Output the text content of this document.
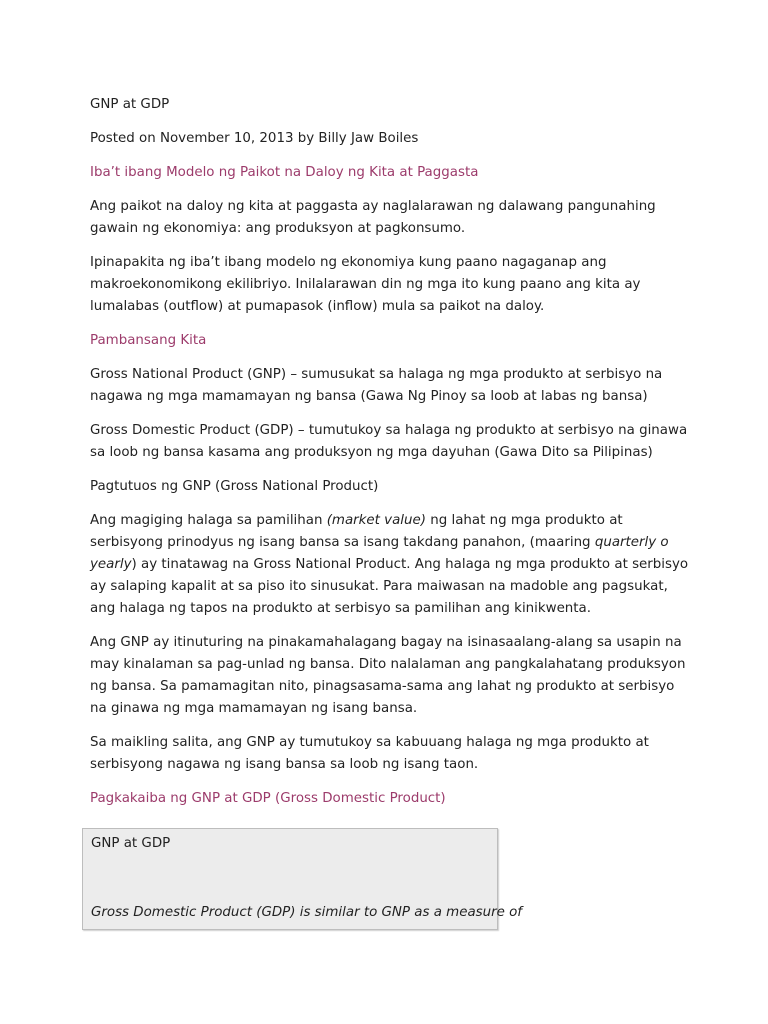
GNP at GDP

Posted on November 10, 2013 by Billy Jaw Boiles

Iba’t ibang Modelo ng Paikot na Daloy ng Kita at Paggasta

Ang paikot na daloy ng kita at paggasta ay naglalarawan ng dalawang pangunahing gawain ng ekonomiya: ang produksyon at pagkonsumo.

Ipinapakita ng iba’t ibang modelo ng ekonomiya kung paano nagaganap ang makroekonomikong ekilibriyo. Inilalarawan din ng mga ito kung paano ang kita ay lumalabas (outflow) at pumapasok (inflow) mula sa paikot na daloy.

Pambansang Kita

Gross National Product (GNP) – sumusukat sa halaga ng mga produkto at serbisyo na nagawa ng mga mamamayan ng bansa (Gawa Ng Pinoy sa loob at labas ng bansa)

Gross Domestic Product (GDP) – tumutukoy sa halaga ng produkto at serbisyo na ginawa sa loob ng bansa kasama ang produksyon ng mga dayuhan (Gawa Dito sa Pilipinas)

Pagtutuos ng GNP (Gross National Product)

Ang magiging halaga sa pamilihan (market value) ng lahat ng mga produkto at serbisyong prinodyus ng isang bansa sa isang takdang panahon, (maaring quarterly o yearly) ay tinatawag na Gross National Product. Ang halaga ng mga produkto at serbisyo ay salaping kapalit at sa piso ito sinusukat. Para maiwasan na madoble ang pagsukat, ang halaga ng tapos na produkto at serbisyo sa pamilihan ang kinikwenta.

Ang GNP ay itinuturing na pinakamahalagang bagay na isinasaalang-alang sa usapin na may kinalaman sa pag-unlad ng bansa. Dito nalalaman ang pangkalahatang produksyon ng bansa. Sa pamamagitan nito, pinagsasama-sama ang lahat ng produkto at serbisyo na ginawa ng mga mamamayan ng isang bansa.

Sa maikling salita, ang GNP ay tumutukoy sa kabuuang halaga ng mga produkto at serbisyong nagawa ng isang bansa sa loob ng isang taon.

Pagkakaiba ng GNP at GDP (Gross Domestic Product)

GNP at GDP
Gross Domestic Product (GDP) is similar to GNP as a measure of
